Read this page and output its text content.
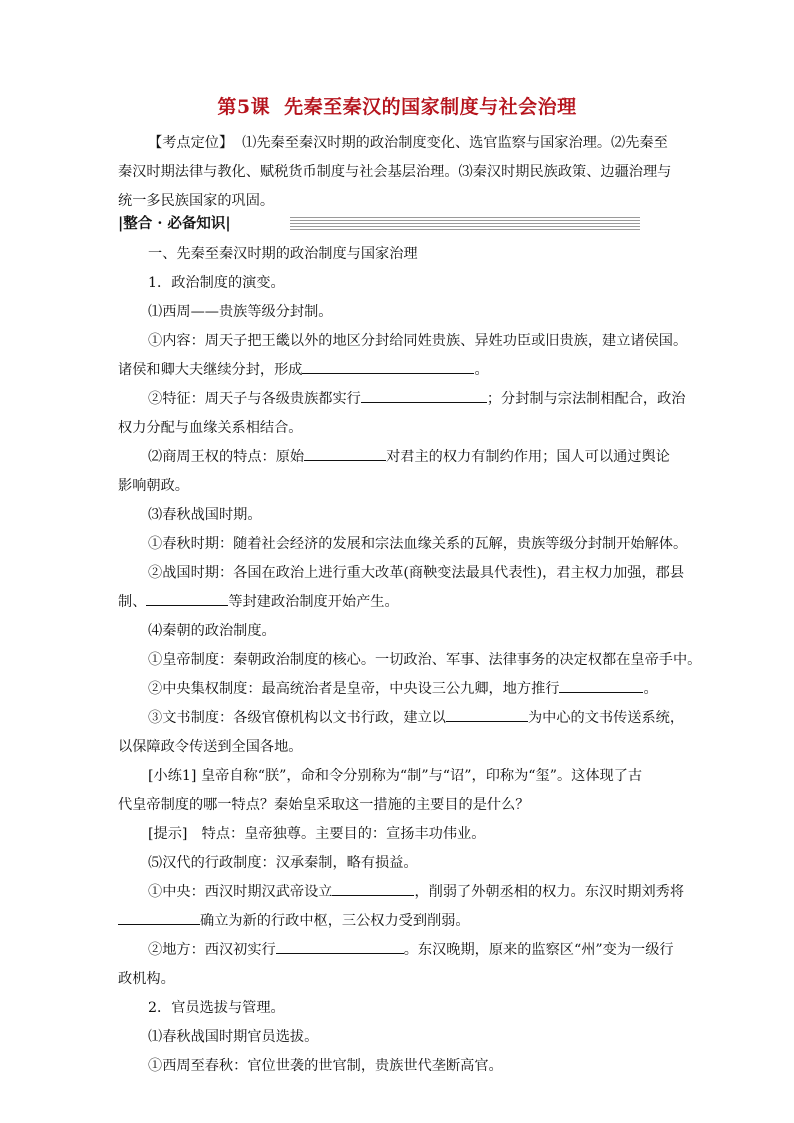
第5课 先秦至秦汉的国家制度与社会治理
【考点定位】 ⑴先秦至秦汉时期的政治制度变化、选官监察与国家治理。⑵先秦至
秦汉时期法律与教化、赋税货币制度与社会基层治理。⑶秦汉时期民族政策、边疆治理与
统一多民族国家的巩固。
|整合 · 必备知识|
一、先秦至秦汉时期的政治制度与国家治理
1．政治制度的演变。
⑴西周——贵族等级分封制。
①内容：周天子把王畿以外的地区分封给同姓贵族、异姓功臣或旧贵族，建立诸侯国。
诸侯和卿大夫继续分封，形成	。
②特征：周天子与各级贵族都实行	；分封制与宗法制相配合，政治
权力分配与血缘关系相结合。
⑵商周王权的特点：原始	对君主的权力有制约作用；国人可以通过舆论
影响朝政。
⑶春秋战国时期。
①春秋时期：随着社会经济的发展和宗法血缘关系的瓦解，贵族等级分封制开始解体。
②战国时期：各国在政治上进行重大改革(商鞅变法最具代表性)，君主权力加强，郡县
制、	等封建政治制度开始产生。
⑷秦朝的政治制度。
①皇帝制度：秦朝政治制度的核心。一切政治、军事、法律事务的决定权都在皇帝手中。
②中央集权制度：最高统治者是皇帝，中央设三公九卿，地方推行	。
③文书制度：各级官僚机构以文书行政，建立以	为中心的文书传送系统，
以保障政令传送到全国各地。
[小练1] 皇帝自称“朕”，命和令分别称为“制”与“诏”，印称为“玺”。这体现了古
代皇帝制度的哪一特点？秦始皇采取这一措施的主要目的是什么？
[提示]　特点：皇帝独尊。主要目的：宣扬丰功伟业。
⑸汉代的行政制度：汉承秦制，略有损益。
①中央：西汉时期汉武帝设立	，削弱了外朝丞相的权力。东汉时期刘秀将
确立为新的行政中枢，三公权力受到削弱。
②地方：西汉初实行	。东汉晚期，原来的监察区“州”变为一级行
政机构。
2．官员选拔与管理。
⑴春秋战国时期官员选拔。
①西周至春秋：官位世袭的世官制，贵族世代垄断高官。
